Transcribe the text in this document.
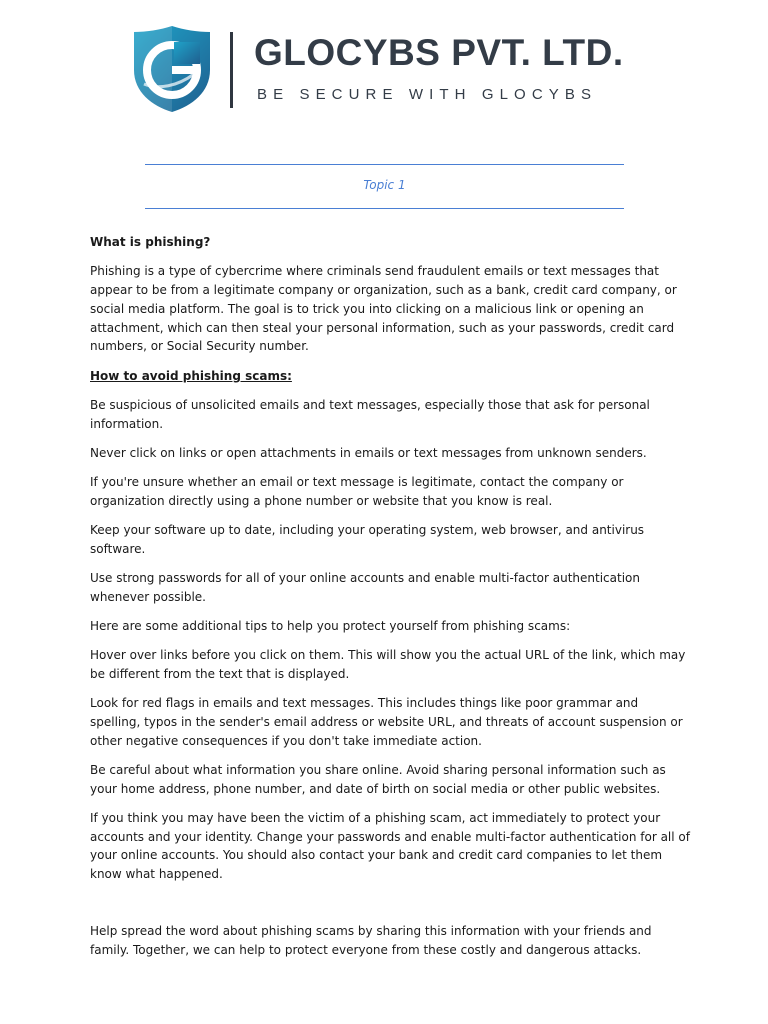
GLOCYBS PVT. LTD.
BE SECURE WITH GLOCYBS
Topic 1

What is phishing?

Phishing is a type of cybercrime where criminals send fraudulent emails or text messages that appear to be from a legitimate company or organization, such as a bank, credit card company, or social media platform. The goal is to trick you into clicking on a malicious link or opening an attachment, which can then steal your personal information, such as your passwords, credit card numbers, or Social Security number.

How to avoid phishing scams:

Be suspicious of unsolicited emails and text messages, especially those that ask for personal information.

Never click on links or open attachments in emails or text messages from unknown senders.

If you're unsure whether an email or text message is legitimate, contact the company or organization directly using a phone number or website that you know is real.

Keep your software up to date, including your operating system, web browser, and antivirus software.

Use strong passwords for all of your online accounts and enable multi-factor authentication whenever possible.

Here are some additional tips to help you protect yourself from phishing scams:

Hover over links before you click on them. This will show you the actual URL of the link, which may be different from the text that is displayed.

Look for red flags in emails and text messages. This includes things like poor grammar and spelling, typos in the sender's email address or website URL, and threats of account suspension or other negative consequences if you don't take immediate action.

Be careful about what information you share online. Avoid sharing personal information such as your home address, phone number, and date of birth on social media or other public websites.

If you think you may have been the victim of a phishing scam, act immediately to protect your accounts and your identity. Change your passwords and enable multi-factor authentication for all of your online accounts. You should also contact your bank and credit card companies to let them know what happened.

Help spread the word about phishing scams by sharing this information with your friends and family. Together, we can help to protect everyone from these costly and dangerous attacks.
